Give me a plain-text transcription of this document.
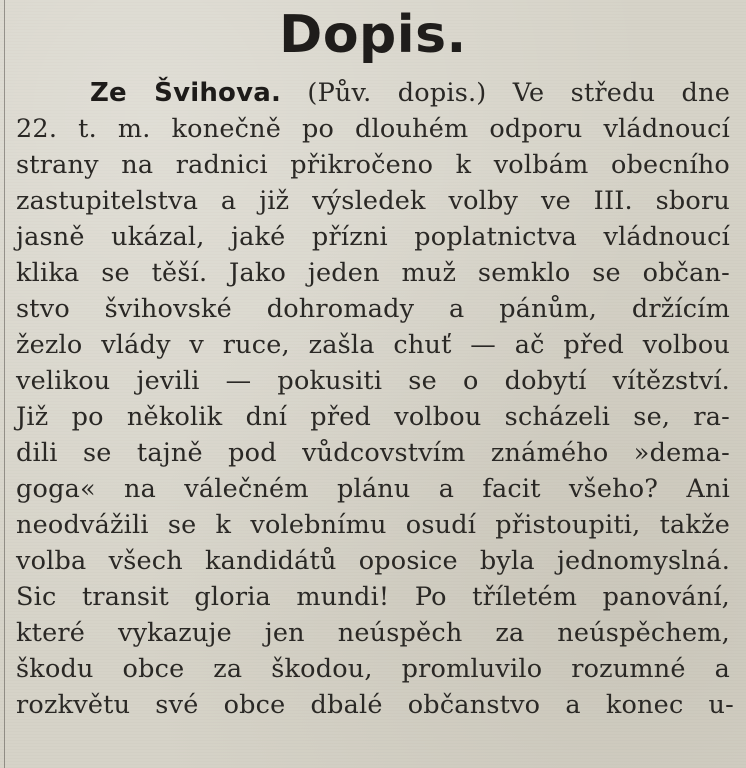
Dopis.
Ze Švihova. (Pův. dopis.) Ve středu dne
22. t. m. konečně po dlouhém odporu vládnoucí
strany na radnici přikročeno k volbám obecního
zastupitelstva a již výsledek volby ve III. sboru
jasně ukázal, jaké přízni poplatnictva vládnoucí
klika se těší. Jako jeden muž semklo se občan-
stvo švihovské dohromady a pánům, držícím
žezlo vlády v ruce, zašla chuť — ač před volbou
velikou jevili — pokusiti se o dobytí vítězství.
Již po několik dní před volbou scházeli se, ra-
dili se tajně pod vůdcovstvím známého »dema-
goga« na válečném plánu a facit všeho? Ani
neodvážili se k volebnímu osudí přistoupiti, takže
volba všech kandidátů oposice byla jednomyslná.
Sic transit gloria mundi! Po tříletém panování,
které vykazuje jen neúspěch za neúspěchem,
škodu obce za škodou, promluvilo rozumné a
rozkvětu své obce dbalé občanstvo a konec u-
